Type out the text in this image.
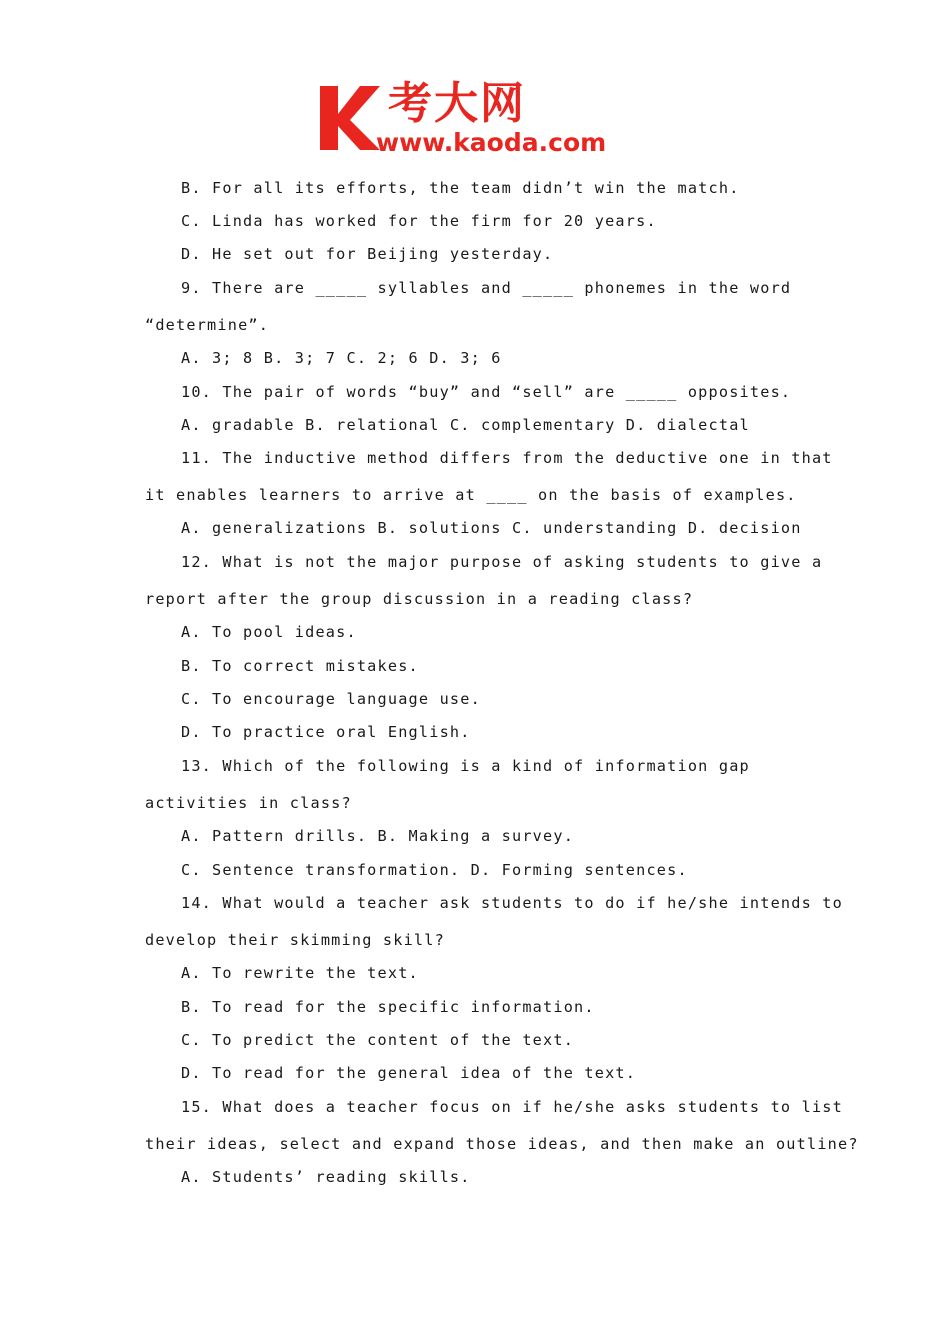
考大网
www.kaoda.com
B. For all its efforts, the team didn’t win the match.
C. Linda has worked for the firm for 20 years.
D. He set out for Beijing yesterday.
9. There are _____ syllables and _____ phonemes in the word
“determine”.
A. 3; 8 B. 3; 7 C. 2; 6 D. 3; 6
10. The pair of words “buy” and “sell” are _____ opposites.
A. gradable B. relational C. complementary D. dialectal
11. The inductive method differs from the deductive one in that
it enables learners to arrive at ____ on the basis of examples.
A. generalizations B. solutions C. understanding D. decision
12. What is not the major purpose of asking students to give a
report after the group discussion in a reading class?
A. To pool ideas.
B. To correct mistakes.
C. To encourage language use.
D. To practice oral English.
13. Which of the following is a kind of information gap
activities in class?
A. Pattern drills. B. Making a survey.
C. Sentence transformation. D. Forming sentences.
14. What would a teacher ask students to do if he/she intends to
develop their skimming skill?
A. To rewrite the text.
B. To read for the specific information.
C. To predict the content of the text.
D. To read for the general idea of the text.
15. What does a teacher focus on if he/she asks students to list
their ideas, select and expand those ideas, and then make an outline?
A. Students’ reading skills.
